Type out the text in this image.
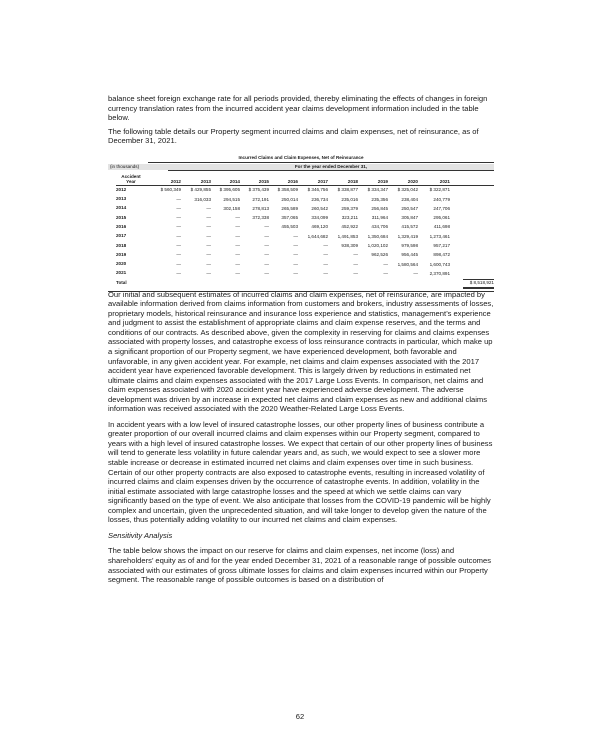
balance sheet foreign exchange rate for all periods provided, thereby eliminating the effects of changes in foreign currency translation rates from the incurred accident year claims development information included in the table below.

The following table details our Property segment incurred claims and claim expenses, net of reinsurance, as of December 31, 2021.

Incurred Claims and Claim Expenses, Net of Reinsurance
(in thousands)	For the year ended December 31,
Accident
Year	2012	2013	2014	2015	2016	2017	2018	2019	2020	2021
2012	$ 560,349	$ 429,855	$ 395,605	$ 375,439	$ 358,509	$ 346,756	$ 338,877	$ 334,347	$ 325,042	$ 322,871
2013	—	316,033	294,515	272,191	250,014	236,734	235,016	235,356	238,404	240,779
2014	—	—	302,158	278,813	265,589	260,542	259,379	256,845	250,547	247,706
2015	—	—	—	372,338	357,065	334,099	323,211	311,964	305,847	295,061
2016	—	—	—	—	455,503	469,120	452,922	434,706	415,572	411,698
2017	—	—	—	—	—	1,644,682	1,491,853	1,350,684	1,329,419	1,273,461
2018	—	—	—	—	—	—	938,309	1,020,102	979,598	957,217
2019	—	—	—	—	—	—	—	962,526	956,445	898,472
2020	—	—	—	—	—	—	—	—	1,580,564	1,600,743
2021	—	—	—	—	—	—	—	—	—	2,370,891
Total	$ 8,518,921

Our initial and subsequent estimates of incurred claims and claim expenses, net of reinsurance, are impacted by available information derived from claims information from customers and brokers, industry assessments of losses, proprietary models, historical reinsurance and insurance loss experience and statistics, management’s experience and judgment to assist the establishment of appropriate claims and claim expense reserves, and the terms and conditions of our contracts. As described above, given the complexity in reserving for claims and claims expenses associated with property losses, and catastrophe excess of loss reinsurance contracts in particular, which make up a significant proportion of our Property segment, we have experienced development, both favorable and unfavorable, in any given accident year. For example, net claims and claim expenses associated with the 2017 accident year have experienced favorable development. This is largely driven by reductions in estimated net ultimate claims and claim expenses associated with the 2017 Large Loss Events. In comparison, net claims and claim expenses associated with 2020 accident year have experienced adverse development. The adverse development was driven by an increase in expected net claims and claim expenses as new and additional claims information was received associated with the 2020 Weather-Related Large Loss Events.

In accident years with a low level of insured catastrophe losses, our other property lines of business contribute a greater proportion of our overall incurred claims and claim expenses within our Property segment, compared to years with a high level of insured catastrophe losses. We expect that certain of our other property lines of business will tend to generate less volatility in future calendar years and, as such, we would expect to see a slower more stable increase or decrease in estimated incurred net claims and claim expenses over time in such business. Certain of our other property contracts are also exposed to catastrophe events, resulting in increased volatility of incurred claims and claim expenses driven by the occurrence of catastrophe events. In addition, volatility in the initial estimate associated with large catastrophe losses and the speed at which we settle claims can vary significantly based on the type of event. We also anticipate that losses from the COVID-19 pandemic will be highly complex and uncertain, given the unprecedented situation, and will take longer to develop given the nature of the losses, thus potentially adding volatility to our incurred net claims and claim expenses.

Sensitivity Analysis

The table below shows the impact on our reserve for claims and claim expenses, net income (loss) and shareholders’ equity as of and for the year ended December 31, 2021 of a reasonable range of possible outcomes associated with our estimates of gross ultimate losses for claims and claim expenses incurred within our Property segment. The reasonable range of possible outcomes is based on a distribution of

62
